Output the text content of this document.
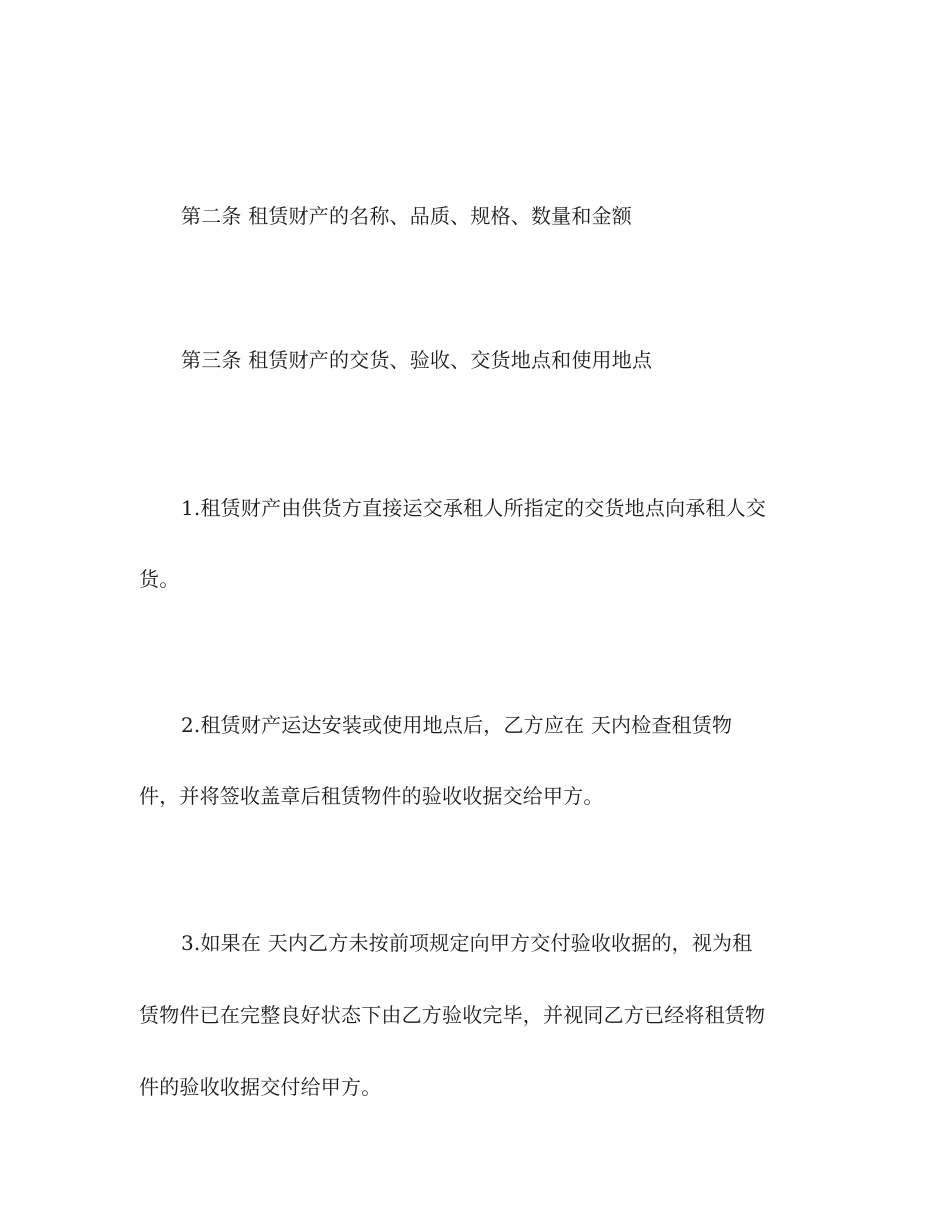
第二条 租赁财产的名称、品质、规格、数量和金额

第三条 租赁财产的交货、验收、交货地点和使用地点

1.租赁财产由供货方直接运交承租人所指定的交货地点向承租人交

货。

2.租赁财产运达安装或使用地点后，乙方应在 天内检查租赁物

件，并将签收盖章后租赁物件的验收收据交给甲方。

3.如果在 天内乙方未按前项规定向甲方交付验收收据的，视为租

赁物件已在完整良好状态下由乙方验收完毕，并视同乙方已经将租赁物

件的验收收据交付给甲方。
